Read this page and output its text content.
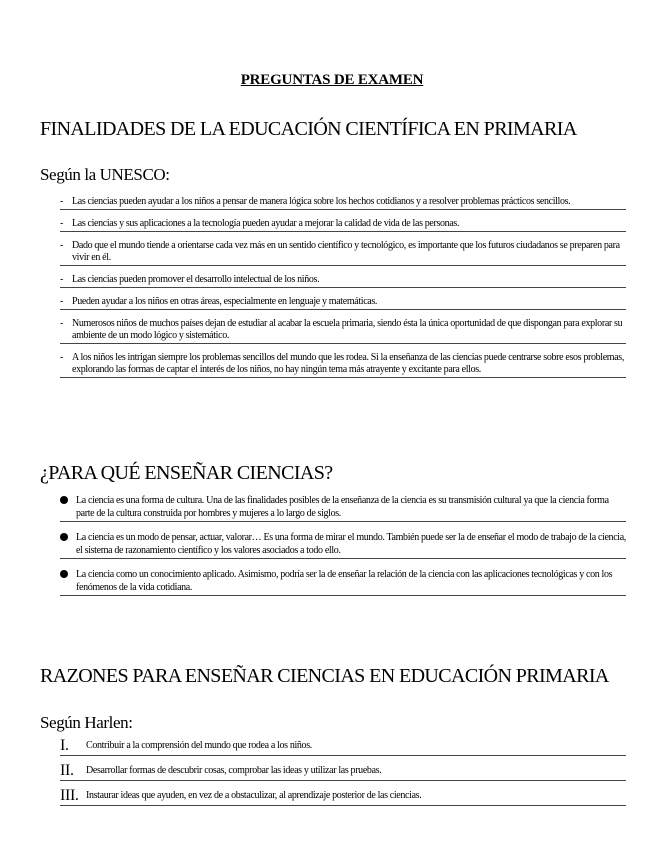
PREGUNTAS DE EXAMEN
FINALIDADES DE LA EDUCACIÓN CIENTÍFICA EN PRIMARIA
Según la UNESCO:
- Las ciencias pueden ayudar a los niños a pensar de manera lógica sobre los hechos cotidianos y a resolver problemas prácticos sencillos.
- Las ciencias y sus aplicaciones a la tecnología pueden ayudar a mejorar la calidad de vida de las personas.
- Dado que el mundo tiende a orientarse cada vez más en un sentido científico y tecnológico, es importante que los futuros ciudadanos se preparen para vivir en él.
- Las ciencias pueden promover el desarrollo intelectual de los niños.
- Pueden ayudar a los niños en otras áreas, especialmente en lenguaje y matemáticas.
- Numerosos niños de muchos países dejan de estudiar al acabar la escuela primaria, siendo ésta la única oportunidad de que dispongan para explorar su ambiente de un modo lógico y sistemático.
- A los niños les intrigan siempre los problemas sencillos del mundo que les rodea. Si la enseñanza de las ciencias puede centrarse sobre esos problemas, explorando las formas de captar el interés de los niños, no hay ningún tema más atrayente y excitante para ellos.
¿PARA QUÉ ENSEÑAR CIENCIAS?
La ciencia es una forma de cultura. Una de las finalidades posibles de la enseñanza de la ciencia es su transmisión cultural ya que la ciencia forma parte de la cultura construida por hombres y mujeres a lo largo de siglos.
La ciencia es un modo de pensar, actuar, valorar… Es una forma de mirar el mundo. También puede ser la de enseñar el modo de trabajo de la ciencia, el sistema de razonamiento científico y los valores asociados a todo ello.
La ciencia como un conocimiento aplicado. Asimismo, podría ser la de enseñar la relación de la ciencia con las aplicaciones tecnológicas y con los fenómenos de la vida cotidiana.
RAZONES PARA ENSEÑAR CIENCIAS EN EDUCACIÓN PRIMARIA
Según Harlen:
I. Contribuir a la comprensión del mundo que rodea a los niños.
II. Desarrollar formas de descubrir cosas, comprobar las ideas y utilizar las pruebas.
III. Instaurar ideas que ayuden, en vez de a obstaculizar, al aprendizaje posterior de las ciencias.
